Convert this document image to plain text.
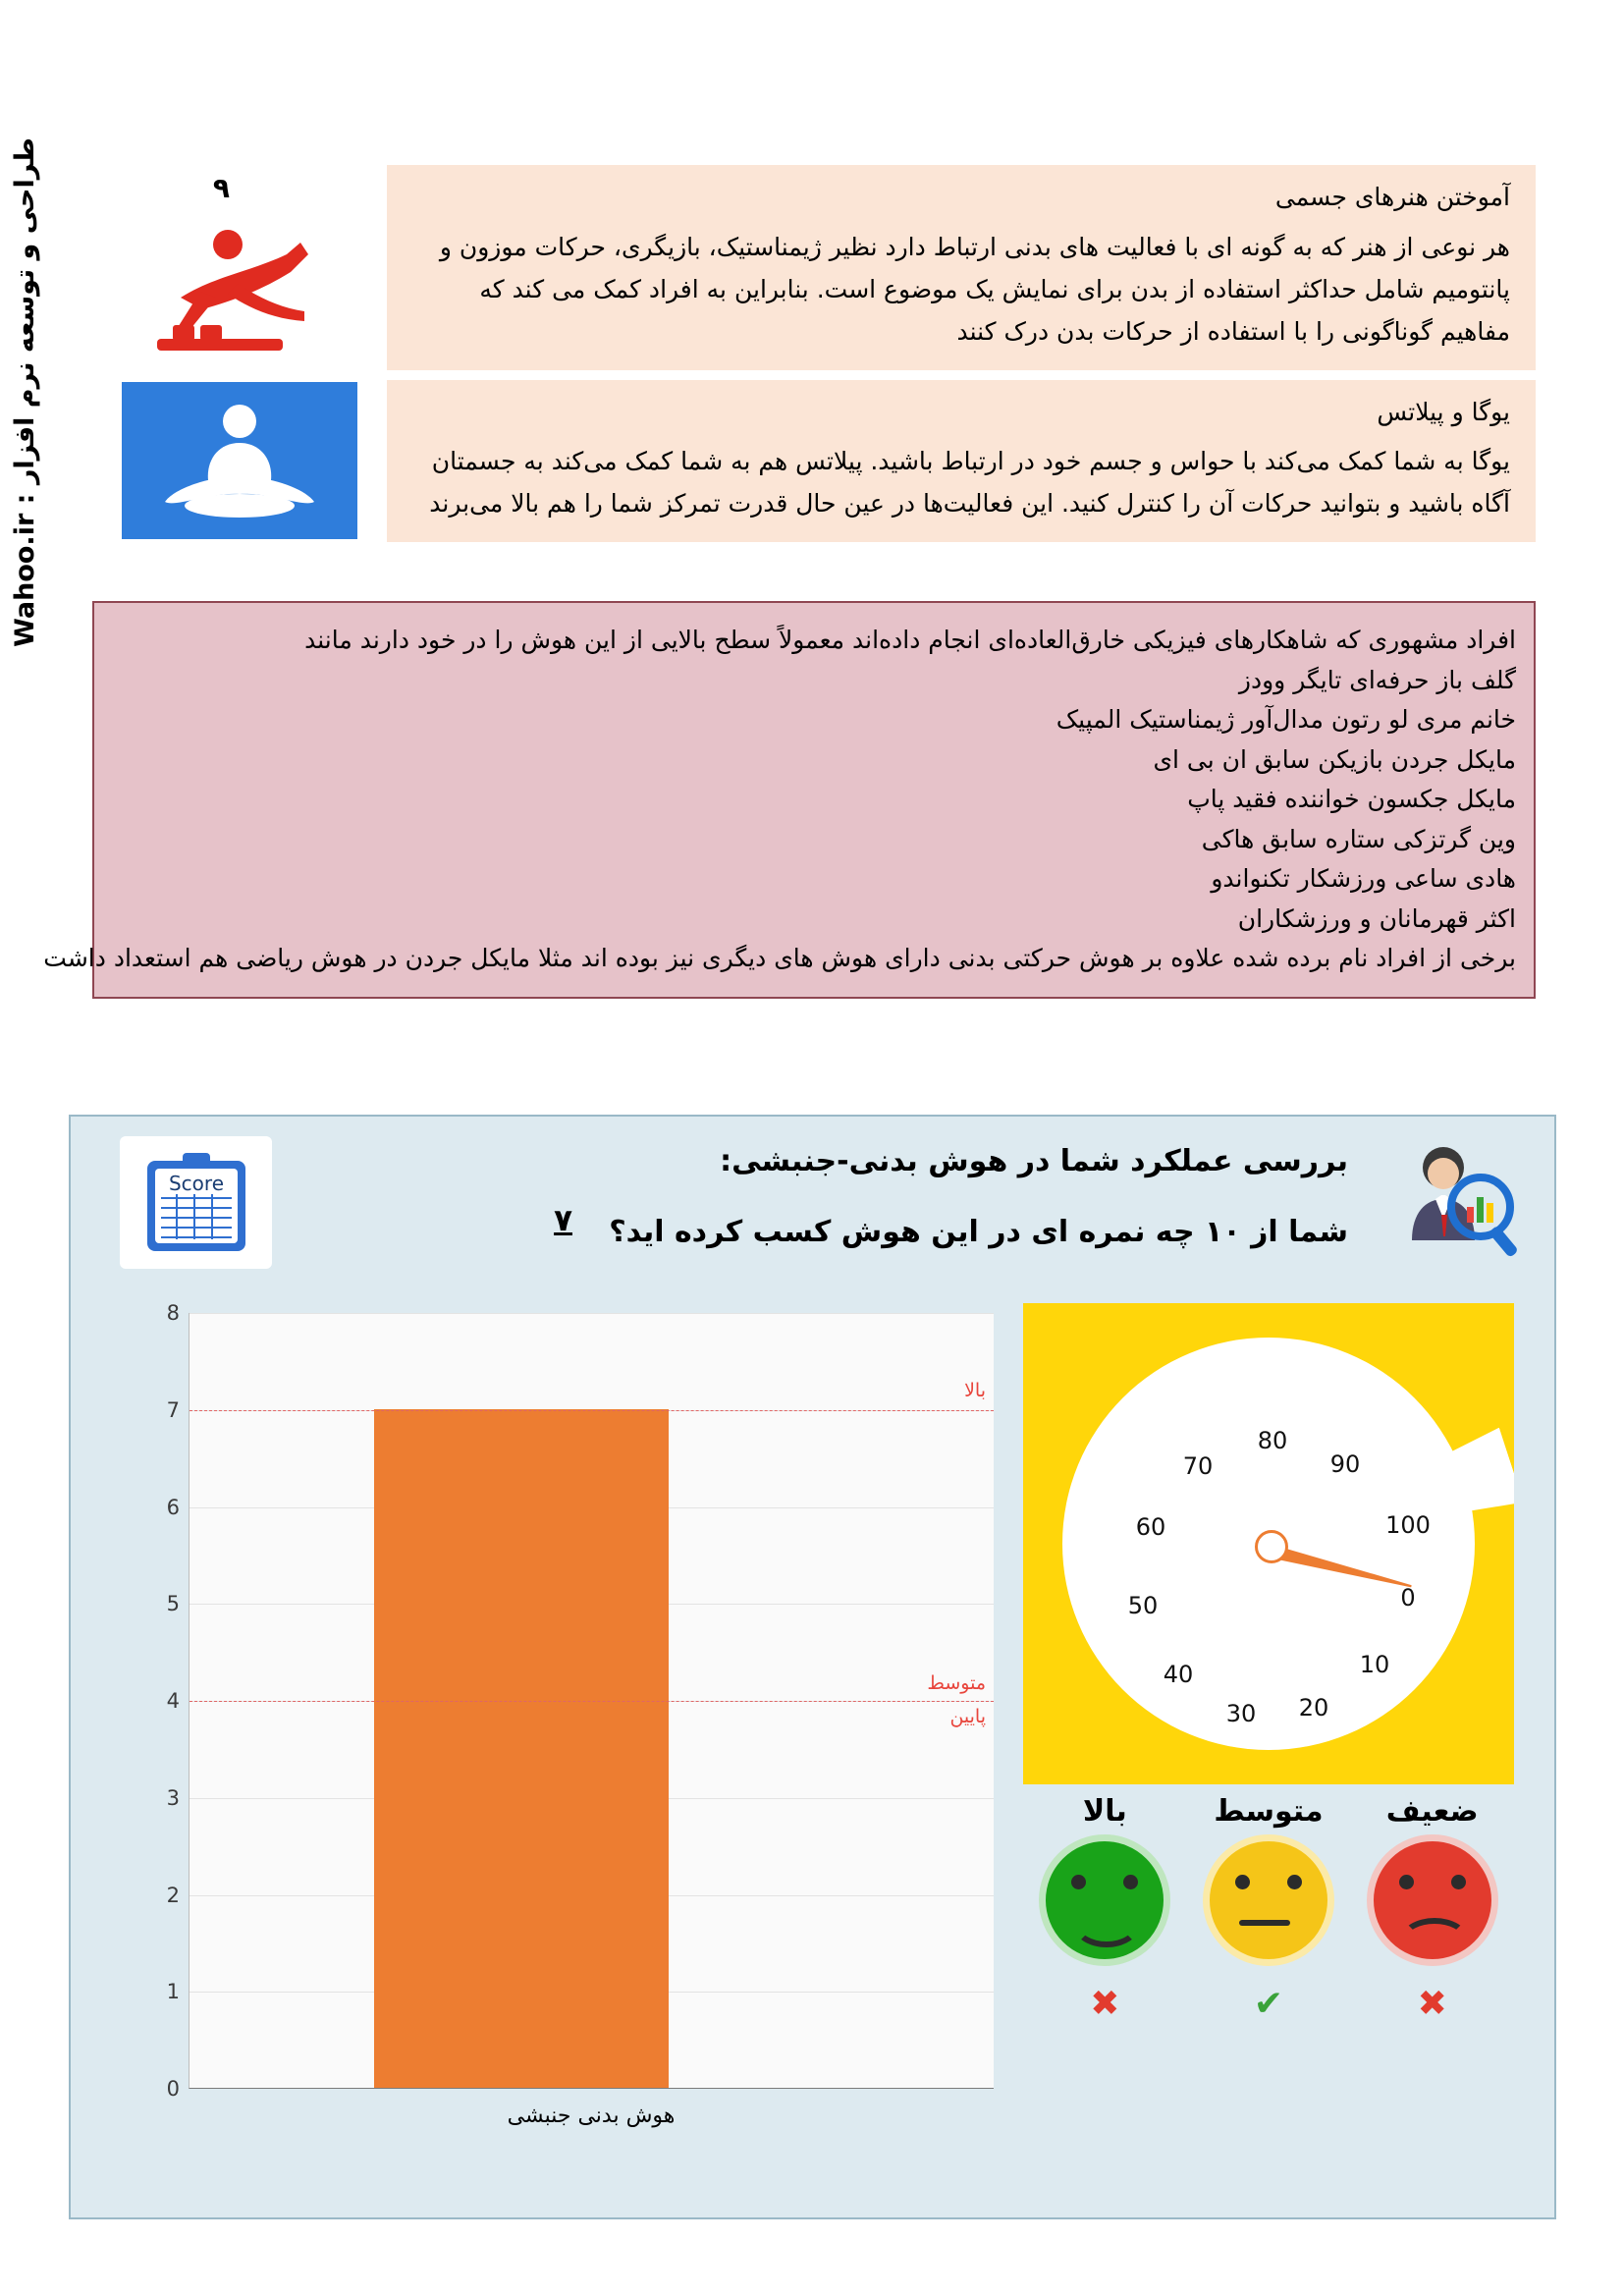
طراحی و توسعه نرم افزار : Wahoo.ir	۹	آموختن هنرهای جسمی
هر نوعی از هنر که به گونه ای با فعالیت های بدنی ارتباط دارد نظیر ژیمناستیک، بازیگری، حرکات موزون و پانتومیم شامل حداکثر استفاده از بدن برای نمایش یک موضوع است. بنابراین به افراد کمک می کند که مفاهیم گوناگونی را با استفاده از حرکات بدن درک کنند
یوگا و پیلاتس
یوگا به شما کمک می‌کند با حواس و جسم خود در ارتباط باشید. پیلاتس هم به شما کمک می‌کند به جسمتان آگاه باشید و بتوانید حرکات آن را کنترل کنید. این فعالیت‌ها در عین حال قدرت تمرکز شما را هم بالا می‌برند
افراد مشهوری که شاهکارهای فیزیکی خارق‌العاده‌ای انجام داده‌اند معمولاً سطح بالایی از این هوش را در خود دارند مانند
گلف باز حرفه‌ای تایگر وودز
خانم مری لو رتون مدال‌آور ژیمناستیک المپیک
مایکل جردن بازیکن سابق ان بی ای
مایکل جکسون خواننده فقید پاپ
وین گرتزکی ستاره سابق هاکی
هادی ساعی ورزشکار تکنواندو
اکثر قهرمانان و ورزشکاران
برخی از افراد نام برده شده علاوه بر هوش حرکتی بدنی دارای هوش های دیگری نیز بوده اند مثلا مایکل جردن در هوش ریاضی هم استعداد داشت
Score
بررسی عملکرد شما در هوش بدنی-جنبشی:
شما از ۱۰ چه نمره ای در این هوش کسب کرده اید؟
۷
بالا
متوسط
پایین
8
7
6
5
4
3
2
1
0
هوش بدنی جنبشی
0
10
20
30
40
50
60
70
80
90
100
ضعیف
متوسط
بالا
✖
✔
✖
